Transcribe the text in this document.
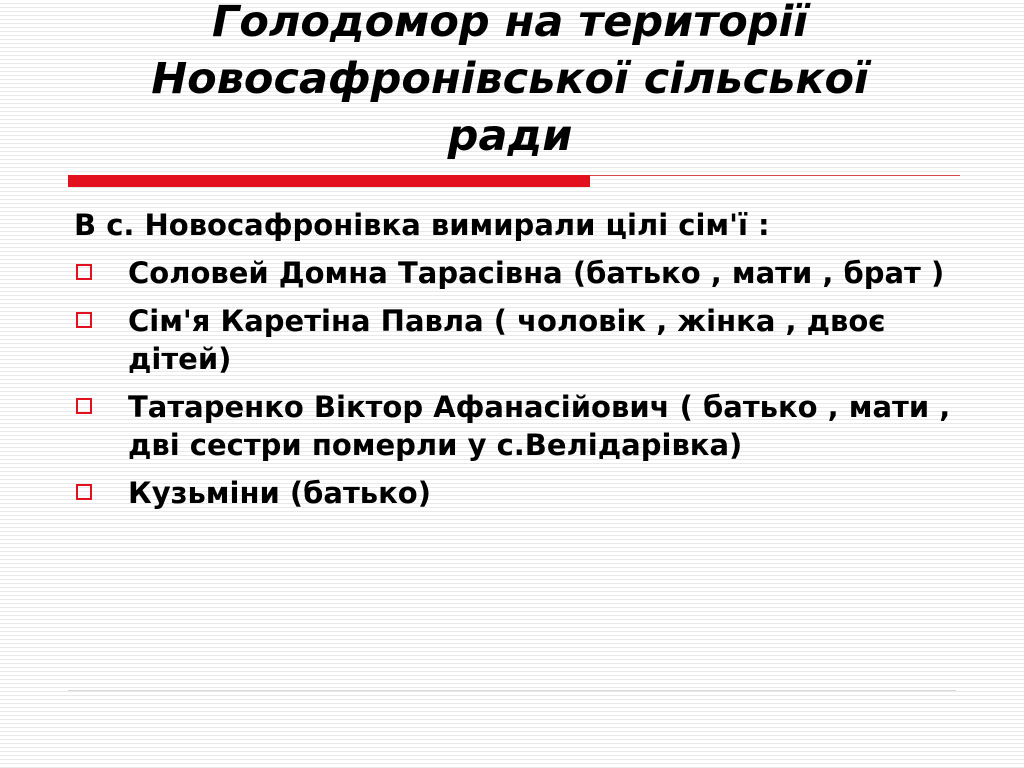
Голодомор на території
Новосафронівської сільської
ради

В с. Новосафронівка вимирали цілі сім'ї :

Соловей Домна Тарасівна (батько , мати , брат )
Сім'я Каретіна Павла ( чоловік , жінка , двоє дітей)
Татаренко Віктор Афанасійович ( батько , мати , дві сестри померли у с.Велідарівка)
Кузьміни (батько)
